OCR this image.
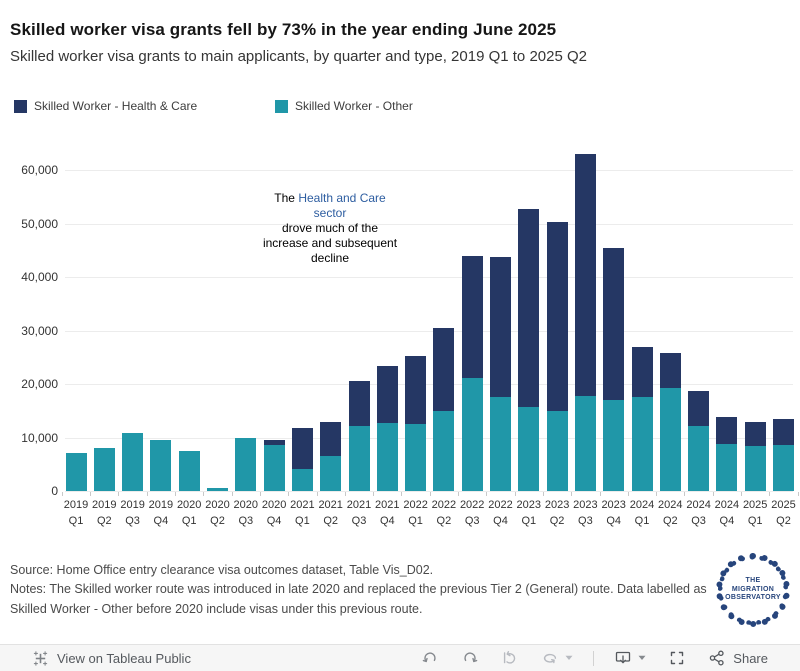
0
10,000
20,000
30,000
40,000
50,000
60,000
2019
Q1
2019
Q2
2019
Q3
2019
Q4
2020
Q1
2020
Q2
2020
Q3
2020
Q4
2021
Q1
2021
Q2
2021
Q3
2021
Q4
2022
Q1
2022
Q2
2022
Q3
2022
Q4
2023
Q1
2023
Q2
2023
Q3
2023
Q4
2024
Q1
2024
Q2
2024
Q3
2024
Q4
2025
Q1
2025
Q2
Skilled worker visa grants fell by 73% in the year ending June 2025
Skilled worker visa grants to main applicants, by quarter and type, 2019 Q1 to 2025 Q2
Skilled Worker - Health & Care	Skilled Worker - Other
The Health and Care
sector
drove much of the
increase and subsequent
decline
Source: Home Office entry clearance visa outcomes dataset, Table Vis_D02.
Notes: The Skilled worker route was introduced in late 2020 and replaced the previous Tier 2 (General) route. Data labelled as Skilled Worker - Other before 2020 include visas under this previous route.
THE
MIGRATION
OBSERVATORY
View on Tableau Public	Share
